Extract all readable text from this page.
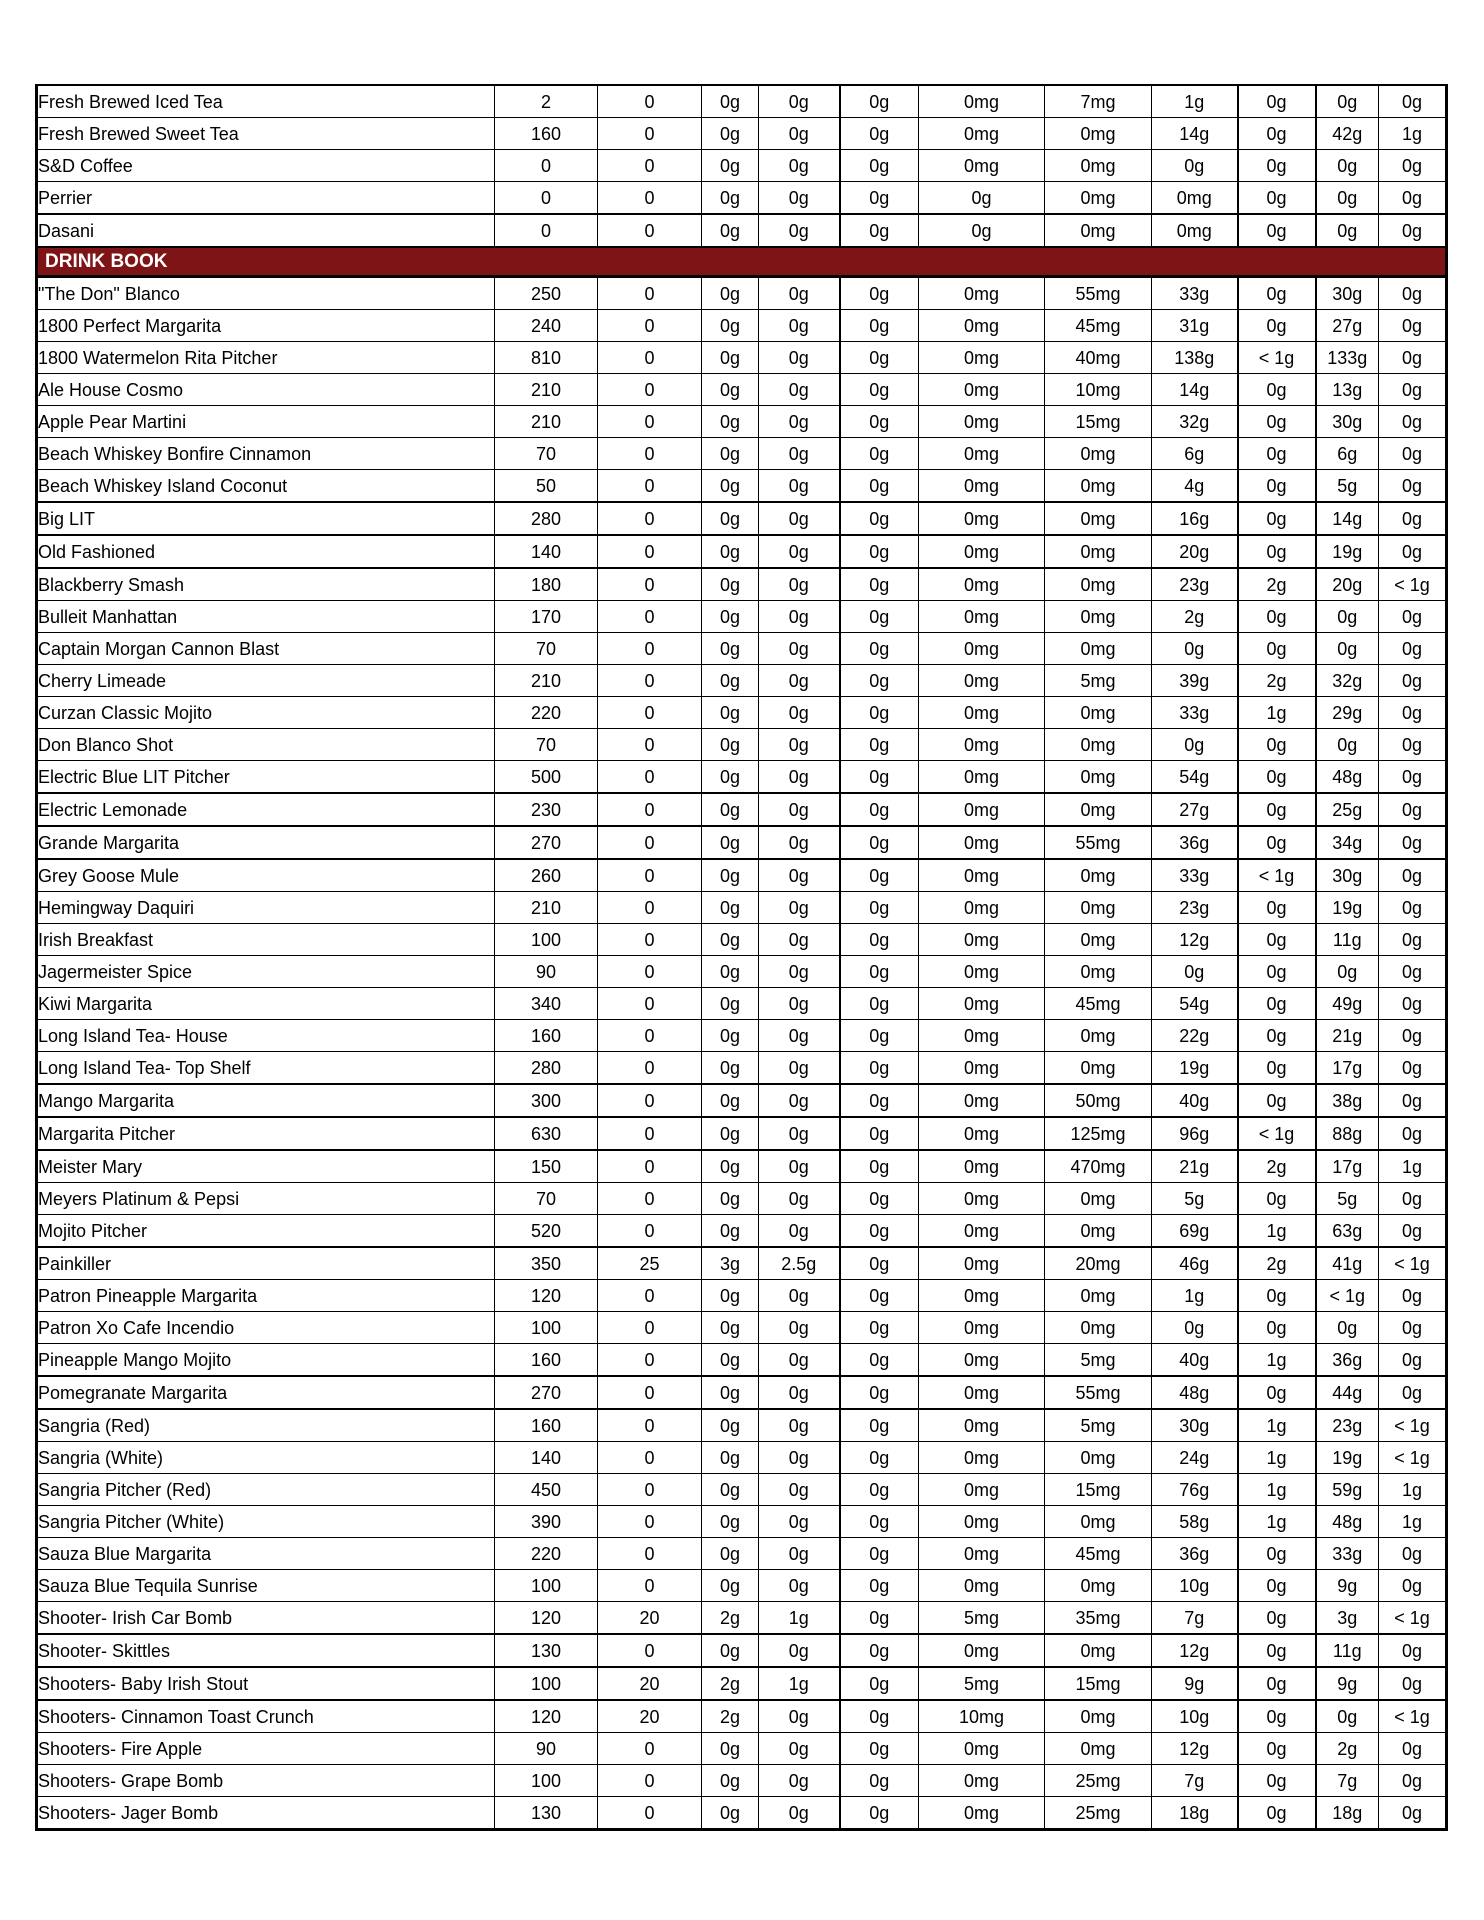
Fresh Brewed Iced Tea	2	0	0g	0g	0g	0mg	7mg	1g	0g	0g	0g
Fresh Brewed Sweet Tea	160	0	0g	0g	0g	0mg	0mg	14g	0g	42g	1g
S&D Coffee	0	0	0g	0g	0g	0mg	0mg	0g	0g	0g	0g
Perrier	0	0	0g	0g	0g	0g	0mg	0mg	0g	0g	0g
Dasani	0	0	0g	0g	0g	0g	0mg	0mg	0g	0g	0g
DRINK BOOK											
"The Don" Blanco	250	0	0g	0g	0g	0mg	55mg	33g	0g	30g	0g
1800 Perfect Margarita	240	0	0g	0g	0g	0mg	45mg	31g	0g	27g	0g
1800 Watermelon Rita Pitcher	810	0	0g	0g	0g	0mg	40mg	138g	< 1g	133g	0g
Ale House Cosmo	210	0	0g	0g	0g	0mg	10mg	14g	0g	13g	0g
Apple Pear Martini	210	0	0g	0g	0g	0mg	15mg	32g	0g	30g	0g
Beach Whiskey Bonfire Cinnamon	70	0	0g	0g	0g	0mg	0mg	6g	0g	6g	0g
Beach Whiskey Island Coconut	50	0	0g	0g	0g	0mg	0mg	4g	0g	5g	0g
Big LIT	280	0	0g	0g	0g	0mg	0mg	16g	0g	14g	0g
Old Fashioned	140	0	0g	0g	0g	0mg	0mg	20g	0g	19g	0g
Blackberry Smash	180	0	0g	0g	0g	0mg	0mg	23g	2g	20g	< 1g
Bulleit Manhattan	170	0	0g	0g	0g	0mg	0mg	2g	0g	0g	0g
Captain Morgan Cannon Blast	70	0	0g	0g	0g	0mg	0mg	0g	0g	0g	0g
Cherry Limeade	210	0	0g	0g	0g	0mg	5mg	39g	2g	32g	0g
Curzan Classic Mojito	220	0	0g	0g	0g	0mg	0mg	33g	1g	29g	0g
Don Blanco Shot	70	0	0g	0g	0g	0mg	0mg	0g	0g	0g	0g
Electric Blue LIT Pitcher	500	0	0g	0g	0g	0mg	0mg	54g	0g	48g	0g
Electric Lemonade	230	0	0g	0g	0g	0mg	0mg	27g	0g	25g	0g
Grande Margarita	270	0	0g	0g	0g	0mg	55mg	36g	0g	34g	0g
Grey Goose Mule	260	0	0g	0g	0g	0mg	0mg	33g	< 1g	30g	0g
Hemingway Daquiri	210	0	0g	0g	0g	0mg	0mg	23g	0g	19g	0g
Irish Breakfast	100	0	0g	0g	0g	0mg	0mg	12g	0g	11g	0g
Jagermeister Spice	90	0	0g	0g	0g	0mg	0mg	0g	0g	0g	0g
Kiwi Margarita	340	0	0g	0g	0g	0mg	45mg	54g	0g	49g	0g
Long Island Tea- House	160	0	0g	0g	0g	0mg	0mg	22g	0g	21g	0g
Long Island Tea- Top Shelf	280	0	0g	0g	0g	0mg	0mg	19g	0g	17g	0g
Mango Margarita	300	0	0g	0g	0g	0mg	50mg	40g	0g	38g	0g
Margarita Pitcher	630	0	0g	0g	0g	0mg	125mg	96g	< 1g	88g	0g
Meister Mary	150	0	0g	0g	0g	0mg	470mg	21g	2g	17g	1g
Meyers Platinum & Pepsi	70	0	0g	0g	0g	0mg	0mg	5g	0g	5g	0g
Mojito Pitcher	520	0	0g	0g	0g	0mg	0mg	69g	1g	63g	0g
Painkiller	350	25	3g	2.5g	0g	0mg	20mg	46g	2g	41g	< 1g
Patron Pineapple Margarita	120	0	0g	0g	0g	0mg	0mg	1g	0g	< 1g	0g
Patron Xo Cafe Incendio	100	0	0g	0g	0g	0mg	0mg	0g	0g	0g	0g
Pineapple Mango Mojito	160	0	0g	0g	0g	0mg	5mg	40g	1g	36g	0g
Pomegranate Margarita	270	0	0g	0g	0g	0mg	55mg	48g	0g	44g	0g
Sangria (Red)	160	0	0g	0g	0g	0mg	5mg	30g	1g	23g	< 1g
Sangria (White)	140	0	0g	0g	0g	0mg	0mg	24g	1g	19g	< 1g
Sangria Pitcher (Red)	450	0	0g	0g	0g	0mg	15mg	76g	1g	59g	1g
Sangria Pitcher (White)	390	0	0g	0g	0g	0mg	0mg	58g	1g	48g	1g
Sauza Blue Margarita	220	0	0g	0g	0g	0mg	45mg	36g	0g	33g	0g
Sauza Blue Tequila Sunrise	100	0	0g	0g	0g	0mg	0mg	10g	0g	9g	0g
Shooter- Irish Car Bomb	120	20	2g	1g	0g	5mg	35mg	7g	0g	3g	< 1g
Shooter- Skittles	130	0	0g	0g	0g	0mg	0mg	12g	0g	11g	0g
Shooters- Baby Irish Stout	100	20	2g	1g	0g	5mg	15mg	9g	0g	9g	0g
Shooters- Cinnamon Toast Crunch	120	20	2g	0g	0g	10mg	0mg	10g	0g	0g	< 1g
Shooters- Fire Apple	90	0	0g	0g	0g	0mg	0mg	12g	0g	2g	0g
Shooters- Grape Bomb	100	0	0g	0g	0g	0mg	25mg	7g	0g	7g	0g
Shooters- Jager Bomb	130	0	0g	0g	0g	0mg	25mg	18g	0g	18g	0g
